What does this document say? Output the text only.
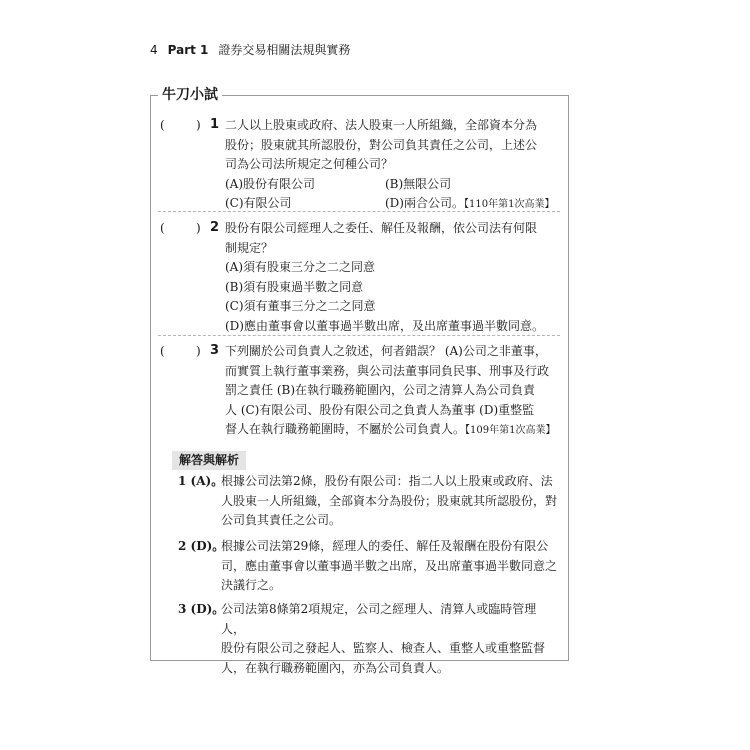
4 Part 1 證券交易相關法規與實務
牛刀小試
(	) 1 二人以上股東或政府、法人股東一人所組織，全部資本分為
股份；股東就其所認股份，對公司負其責任之公司，上述公
司為公司法所規定之何種公司？
(A)股份有限公司	(B)無限公司
(C)有限公司	(D)兩合公司。【110年第1次高業】
(	) 2 股份有限公司經理人之委任、解任及報酬，依公司法有何限
制規定？
(A)須有股東三分之二之同意
(B)須有股東過半數之同意
(C)須有董事三分之二之同意
(D)應由董事會以董事過半數出席，及出席董事過半數同意。
(	) 3 下列關於公司負責人之敘述，何者錯誤？ (A)公司之非董事，
而實質上執行董事業務，與公司法董事同負民事、刑事及行政
罰之責任 (B)在執行職務範圍內，公司之清算人為公司負責
人 (C)有限公司、股份有限公司之負責人為董事 (D)重整監
督人在執行職務範圍時，不屬於公司負責人。【109年第1次高業】
解答與解析
1 (A)。
根據公司法第2條，股份有限公司：指二人以上股東或政府、法
人股東一人所組織，全部資本分為股份；股東就其所認股份，對
公司負其責任之公司。
2 (D)。
根據公司法第29條，經理人的委任、解任及報酬在股份有限公
司，應由董事會以董事過半數之出席，及出席董事過半數同意之
決議行之。
3 (D)。
公司法第8條第2項規定，公司之經理人、清算人或臨時管理人，
股份有限公司之發起人、監察人、檢查人、重整人或重整監督
人，在執行職務範圍內，亦為公司負責人。
